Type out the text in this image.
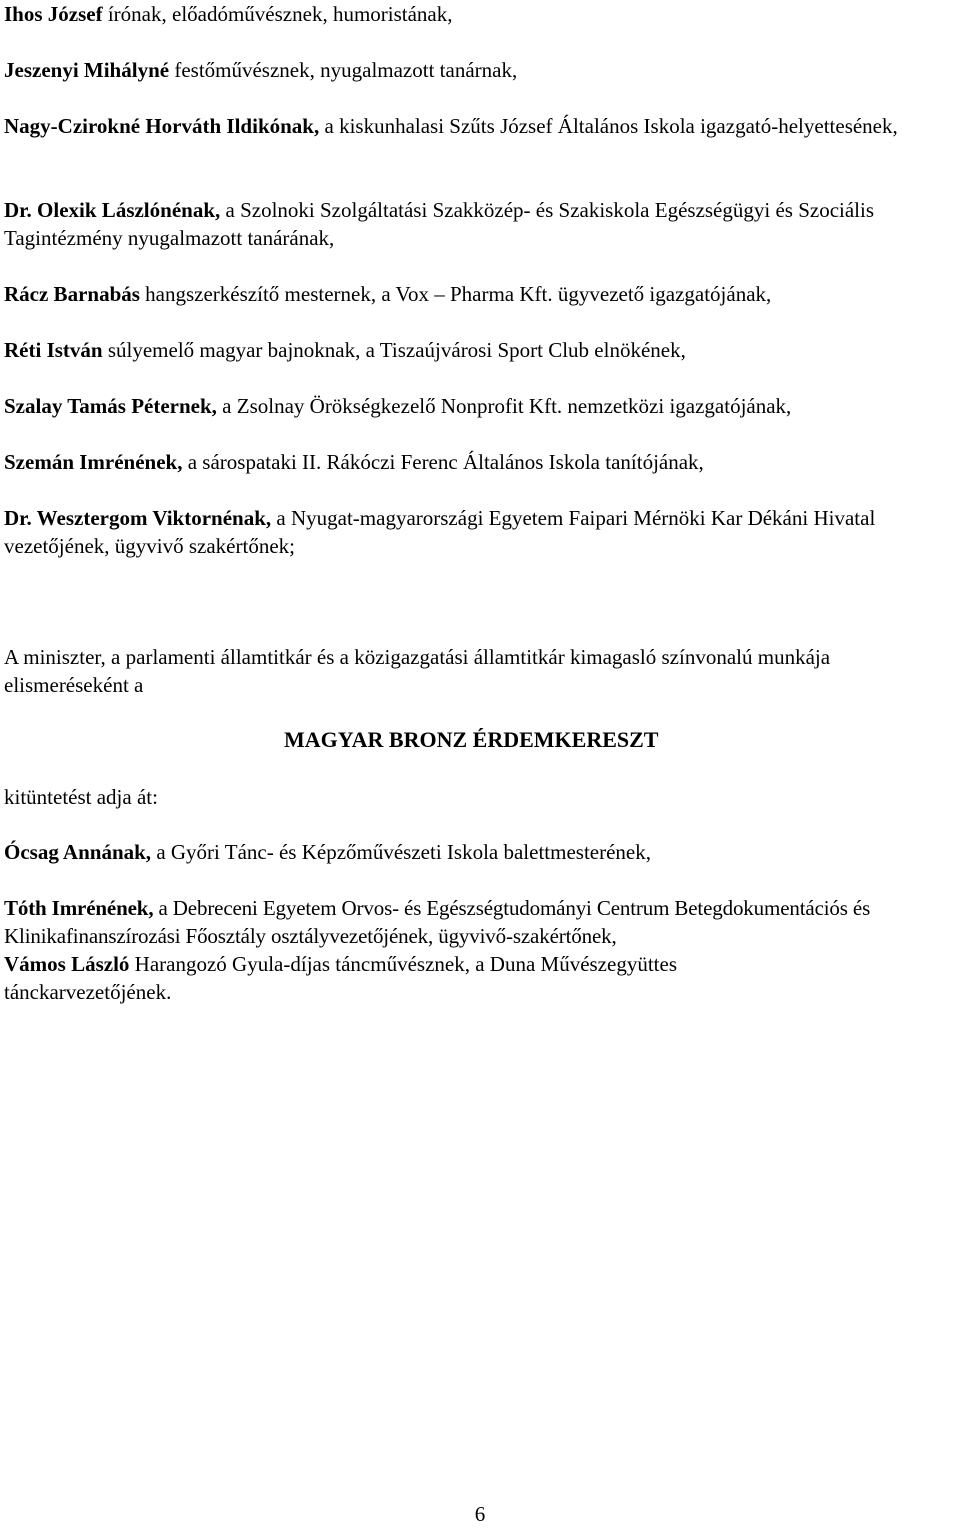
Ihos József írónak, előadóművésznek, humoristának,

Jeszenyi Mihályné festőművésznek, nyugalmazott tanárnak,

Nagy-Czirokné Horváth Ildikónak, a kiskunhalasi Szűts József Általános Iskola igazgató-helyettesének,

Dr. Olexik Lászlónénak, a Szolnoki Szolgáltatási Szakközép- és Szakiskola Egészségügyi és Szociális Tagintézmény nyugalmazott tanárának,

Rácz Barnabás hangszerkészítő mesternek, a Vox – Pharma Kft. ügyvezető igazgatójának,

Réti István súlyemelő magyar bajnoknak, a Tiszaújvárosi Sport Club elnökének,

Szalay Tamás Péternek, a Zsolnay Örökségkezelő Nonprofit Kft. nemzetközi igazgatójának,

Szemán Imrénének, a sárospataki II. Rákóczi Ferenc Általános Iskola tanítójának,

Dr. Wesztergom Viktornénak, a Nyugat-magyarországi Egyetem Faipari Mérnöki Kar Dékáni Hivatal vezetőjének, ügyvivő szakértőnek;

A miniszter, a parlamenti államtitkár és a közigazgatási államtitkár kimagasló színvonalú munkája elismeréseként a

MAGYAR BRONZ ÉRDEMKERESZT

kitüntetést adja át:

Ócsag Annának, a Győri Tánc- és Képzőművészeti Iskola balettmesterének,

Tóth Imrénének, a Debreceni Egyetem Orvos- és Egészségtudományi Centrum Betegdokumentációs és Klinikafinanszírozási Főosztály osztályvezetőjének, ügyvivő-szakértőnek,

Vámos László Harangozó Gyula-díjas táncművésznek, a Duna Művészegyüttes tánckarvezetőjének.

6
